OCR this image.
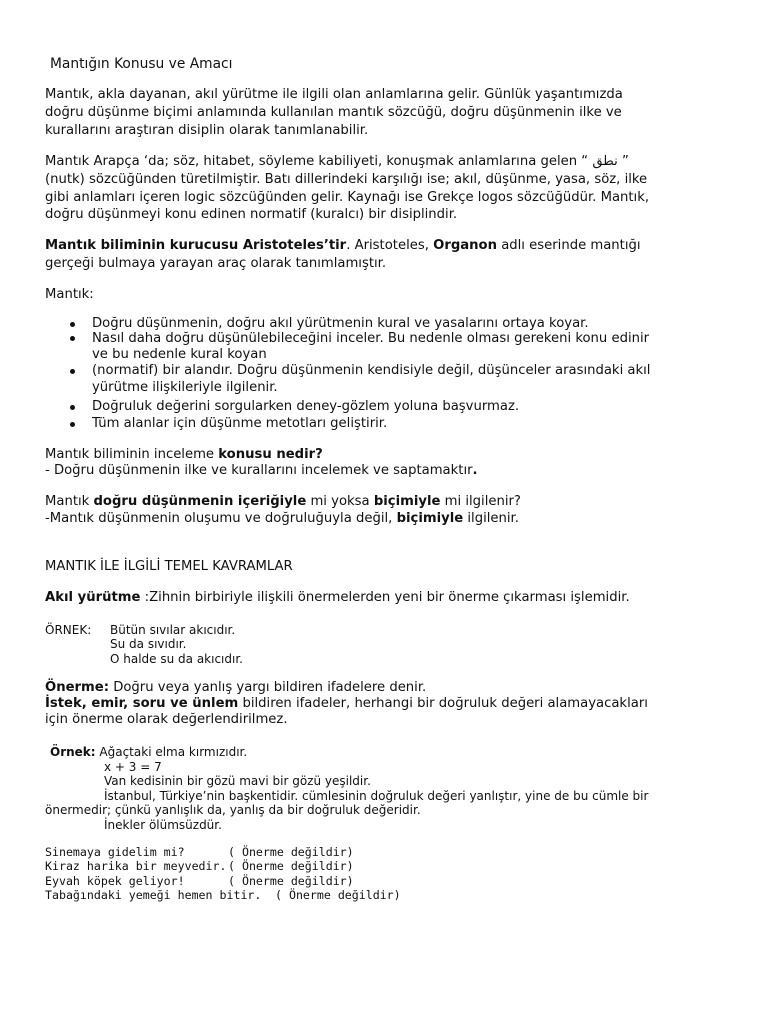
Mantığın Konusu ve Amacı
Mantık, akla dayanan, akıl yürütme ile ilgili olan anlamlarına gelir. Günlük yaşantımızda
doğru düşünme biçimi anlamında kullanılan mantık sözcüğü, doğru düşünmenin ilke ve
kurallarını araştıran disiplin olarak tanımlanabilir.
Mantık Arapça ‘da; söz, hitabet, söyleme kabiliyeti, konuşmak anlamlarına gelen “ نطق ”
(nutk) sözcüğünden türetilmiştir. Batı dillerindeki karşılığı ise; akıl, düşünme, yasa, söz, ilke
gibi anlamları içeren logic sözcüğünden gelir. Kaynağı ise Grekçe logos sözcüğüdür. Mantık,
doğru düşünmeyi konu edinen normatif (kuralcı) bir disiplindir.
Mantık biliminin kurucusu Aristoteles’tir. Aristoteles, Organon adlı eserinde mantığı
gerçeği bulmaya yarayan araç olarak tanımlamıştır.
Mantık:
Doğru düşünmenin, doğru akıl yürütmenin kural ve yasalarını ortaya koyar.
Nasıl daha doğru düşünülebileceğini inceler. Bu nedenle olması gerekeni konu edinir
ve bu nedenle kural koyan
(normatif) bir alandır. Doğru düşünmenin kendisiyle değil, düşünceler arasındaki akıl
yürütme ilişkileriyle ilgilenir.
Doğruluk değerini sorgularken deney-gözlem yoluna başvurmaz.
Tüm alanlar için düşünme metotları geliştirir.
Mantık biliminin inceleme konusu nedir?
- Doğru düşünmenin ilke ve kurallarını incelemek ve saptamaktır.
Mantık doğru düşünmenin içeriğiyle mi yoksa biçimiyle mi ilgilenir?
-Mantık düşünmenin oluşumu ve doğruluğuyla değil, biçimiyle ilgilenir.
MANTIK İLE İLGİLİ TEMEL KAVRAMLAR
Akıl yürütme :Zihnin birbiriyle ilişkili önermelerden yeni bir önerme çıkarması işlemidir.
ÖRNEK: Bütün sıvılar akıcıdır.
Su da sıvıdır.
O halde su da akıcıdır.
Önerme: Doğru veya yanlış yargı bildiren ifadelere denir.
İstek, emir, soru ve ünlem bildiren ifadeler, herhangi bir doğruluk değeri alamayacakları
için önerme olarak değerlendirilmez.
Örnek: Ağaçtaki elma kırmızıdır.
x + 3 = 7
Van kedisinin bir gözü mavi bir gözü yeşildir.
İstanbul, Türkiye’nin başkentidir. cümlesinin doğruluk değeri yanlıştır, yine de bu cümle bir
önermedir; çünkü yanlışlık da, yanlış da bir doğruluk değeridir.
İnekler ölümsüzdür.
Sinemaya gidelim mi?	( Önerme değildir)
Kiraz harika bir meyvedir. ( Önerme değildir)
Eyvah köpek geliyor!	( Önerme değildir)
Tabağındaki yemeği hemen bitir. ( Önerme değildir)
